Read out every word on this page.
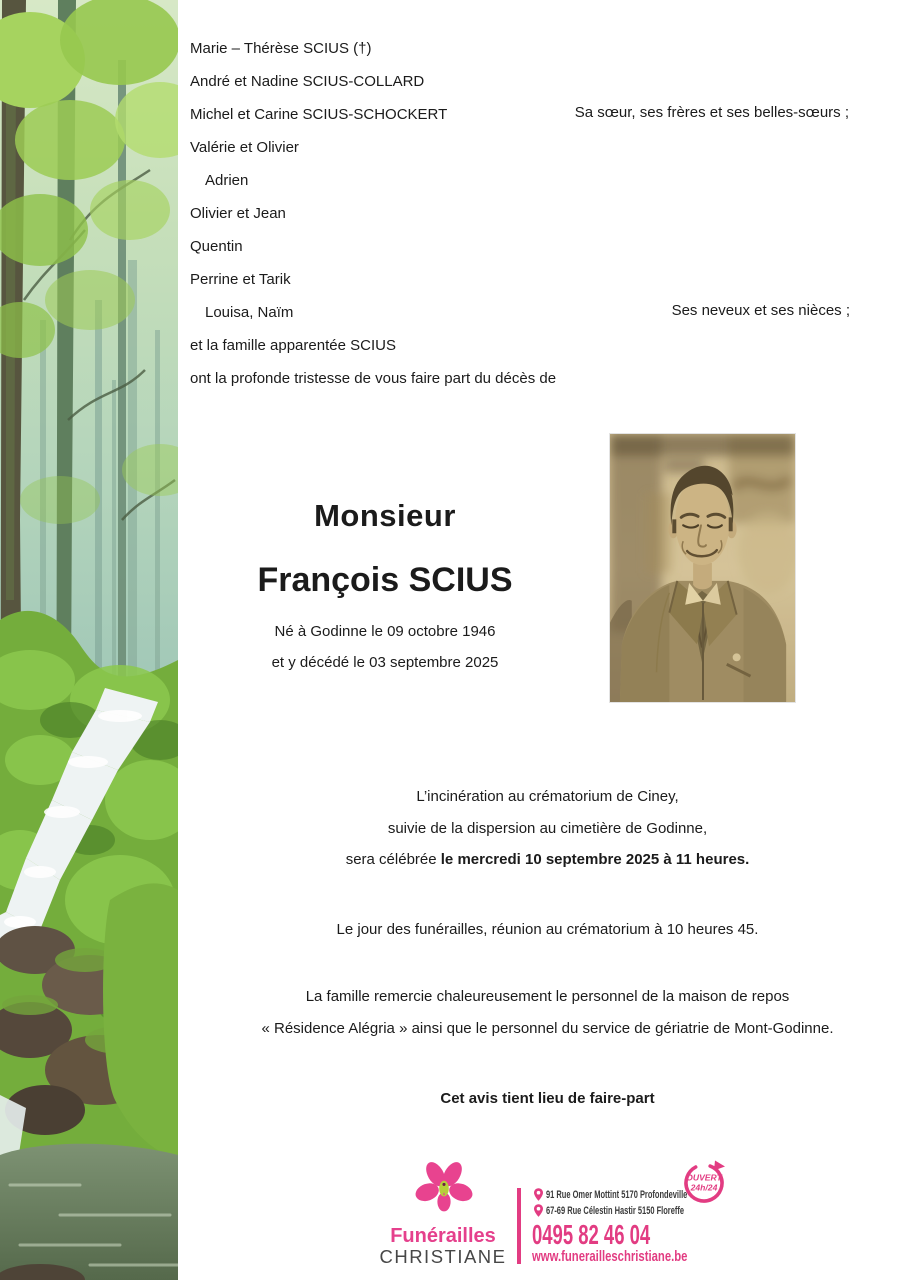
Marie – Thérèse SCIUS (†)
André et Nadine SCIUS-COLLARD
Michel et Carine SCIUS-SCHOCKERT
Valérie et Olivier
Adrien
Olivier et Jean
Quentin
Perrine et Tarik
Louisa, Naïm
et la famille apparentée SCIUS
ont la profonde tristesse de vous faire part du décès de
Sa sœur, ses frères et ses belles-sœurs ;
Ses neveux et ses nièces ;
Monsieur
François SCIUS
Né à Godinne le 09 octobre 1946
et y décédé le 03 septembre 2025
L’incinération au crématorium de Ciney,
suivie de la dispersion au cimetière de Godinne,
sera célébrée le mercredi 10 septembre 2025 à 11 heures.
Le jour des funérailles, réunion au crématorium à 10 heures 45.
La famille remercie chaleureusement le personnel de la maison de repos
« Résidence Alégria » ainsi que le personnel du service de gériatrie de Mont-Godinne.
Cet avis tient lieu de faire-part
Funérailles
CHRISTIANE
91 Rue Omer Mottint 5170 Profondeville
67-69 Rue Célestin Hastir 5150 Floreffe
0495 82 46 04
www.funerailleschristiane.be
OUVERT
24h/24
